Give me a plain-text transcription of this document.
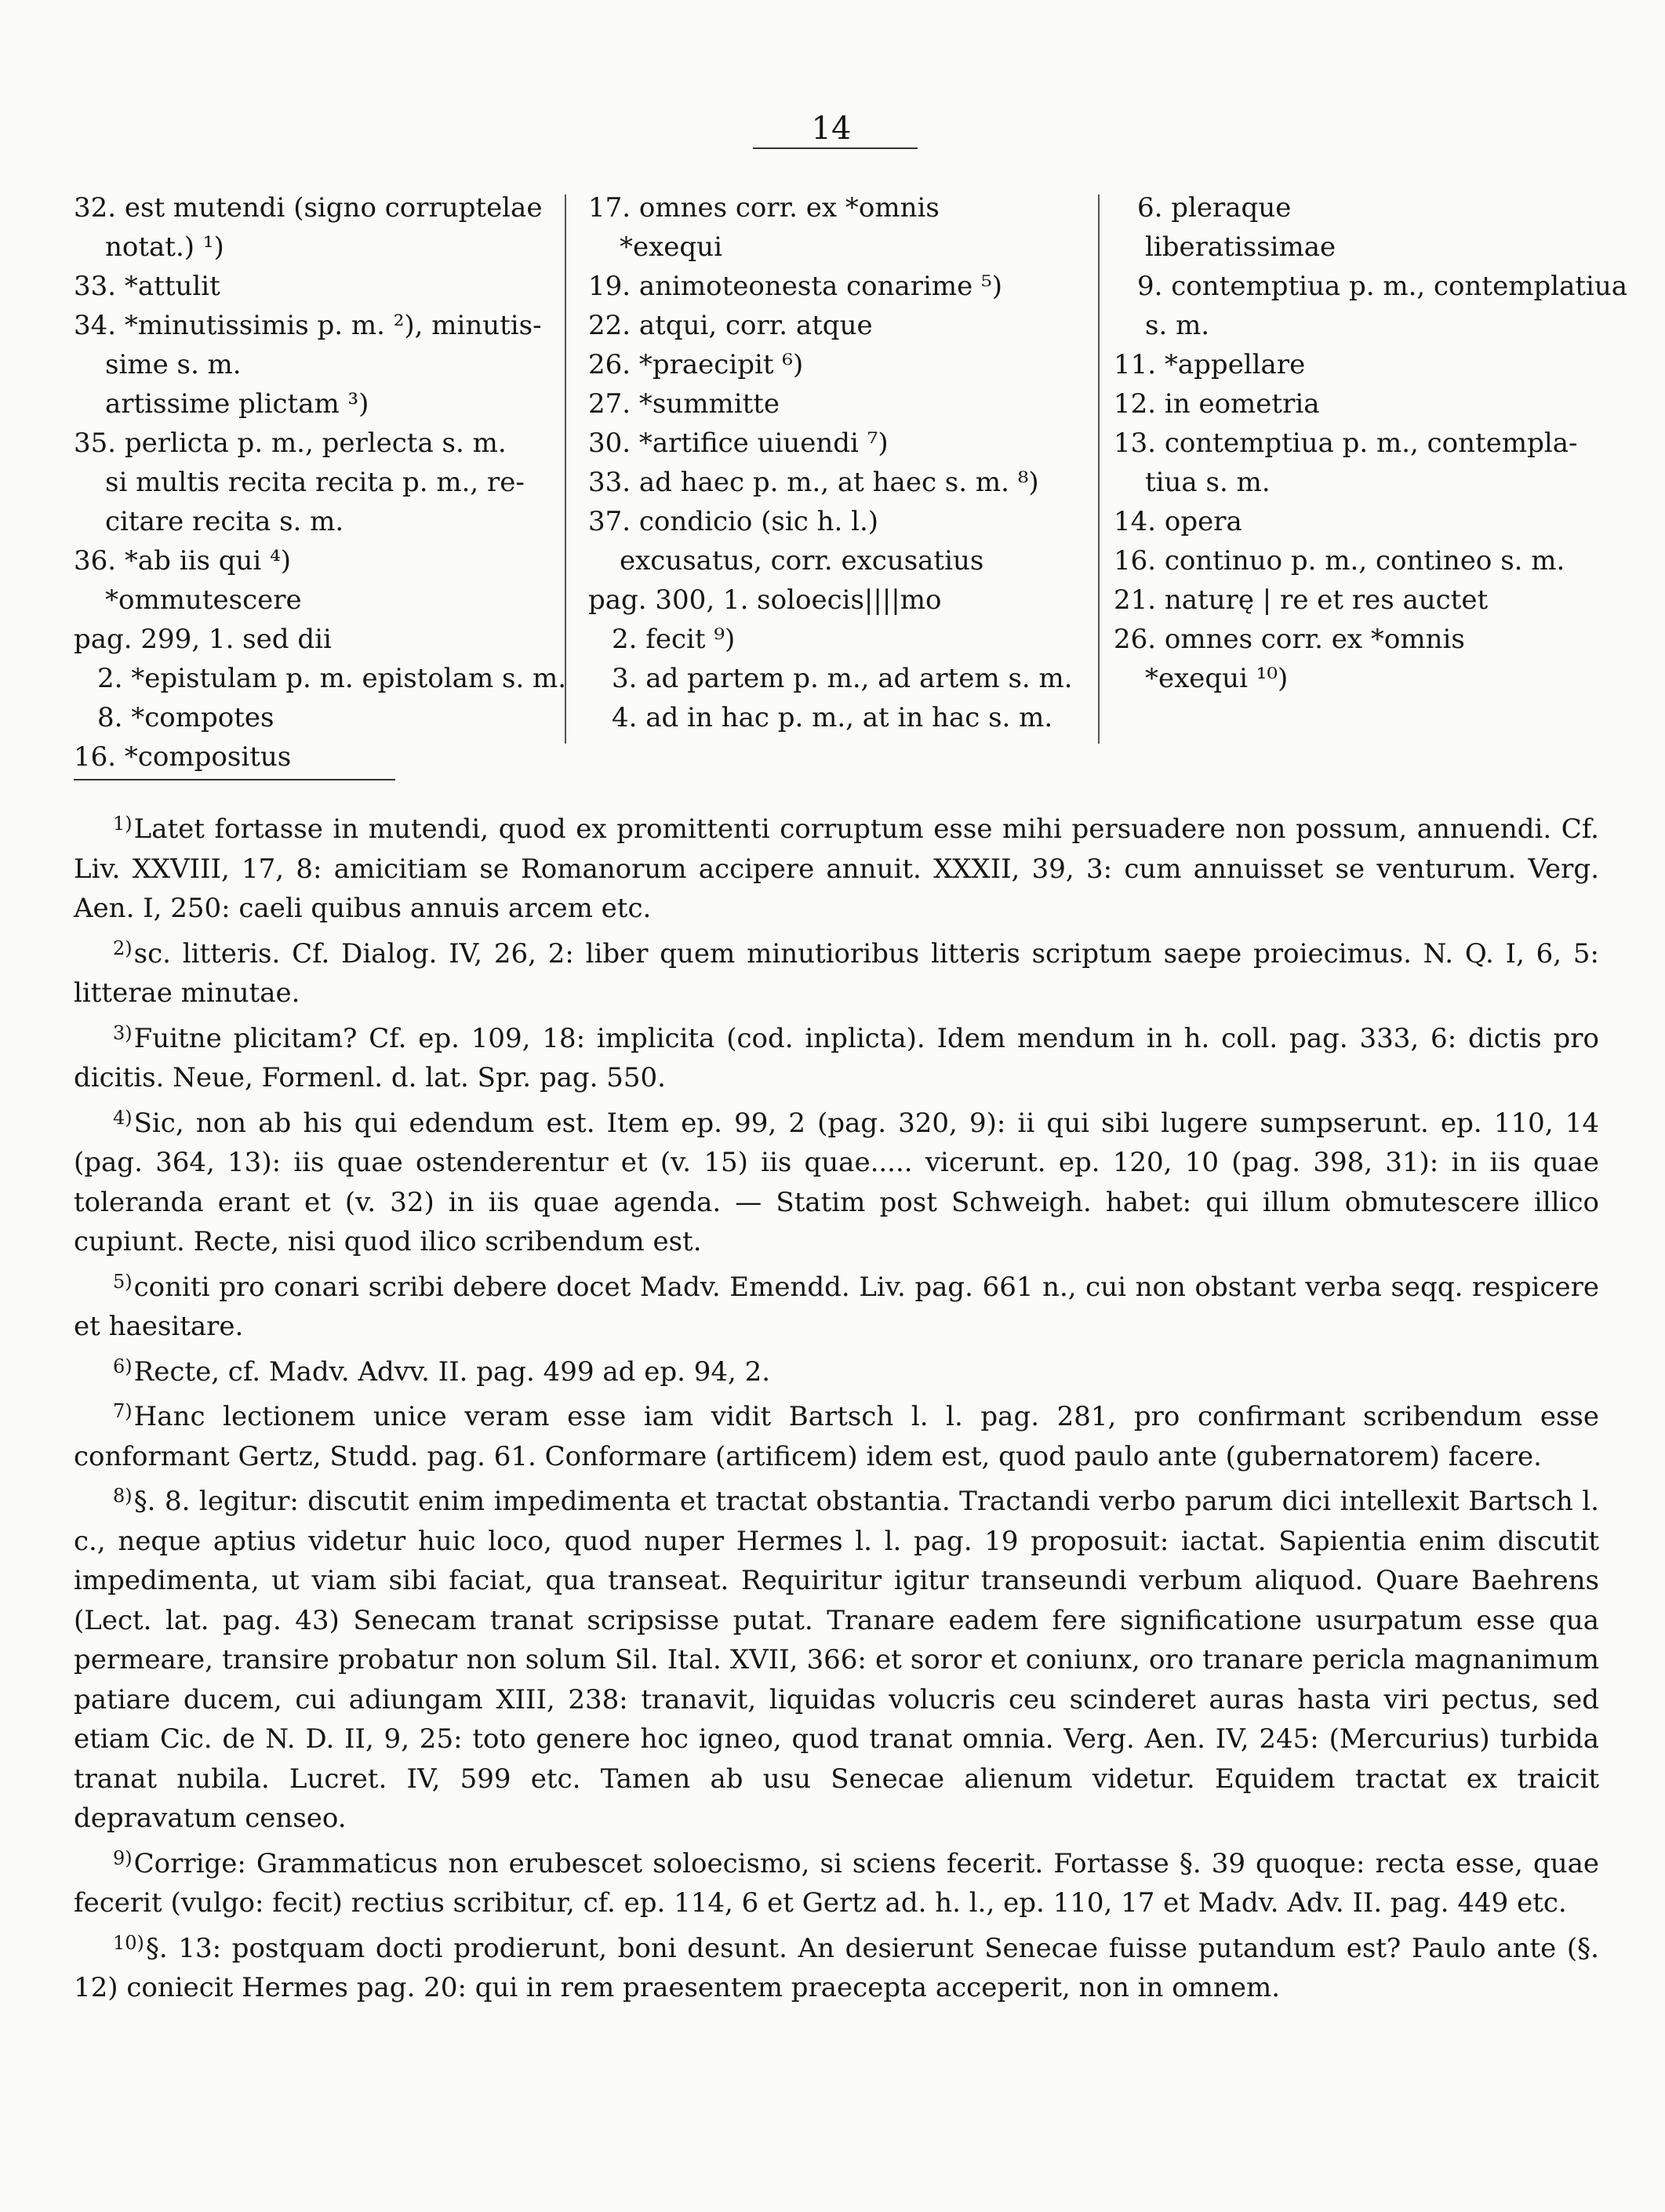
14
32. est mutendi (signo corruptelae
notat.) ¹)
33. *attulit
34. *minutissimis p. m. ²), minutis-
sime s. m.
artissime plictam ³)
35. perlicta p. m., perlecta s. m.
si multis recita recita p. m., re-
citare recita s. m.
36. *ab iis qui ⁴)
*ommutescere
pag. 299, 1. sed dii
2. *epistulam p. m. epistolam s. m.
8. *compotes
16. *compositus
17. omnes corr. ex *omnis
*exequi
19. animoteonesta conarime ⁵)
22. atqui, corr. atque
26. *praecipit ⁶)
27. *summitte
30. *artifice uiuendi ⁷)
33. ad haec p. m., at haec s. m. ⁸)
37. condicio (sic h. l.)
excusatus, corr. excusatius
pag. 300, 1. soloecis||||mo
2. fecit ⁹)
3. ad partem p. m., ad artem s. m.
4. ad in hac p. m., at in hac s. m.
6. pleraque
liberatissimae
9. contemptiua p. m., contemplatiua
s. m.
11. *appellare
12. in eometria
13. contemptiua p. m., contempla-
tiua s. m.
14. opera
16. continuo p. m., contineo s. m.
21. naturę | re et res auctet
26. omnes corr. ex *omnis
*exequi ¹⁰)

$^{1)}$Latet fortasse in mutendi, quod ex promittenti corruptum esse mihi persuadere non possum, annuendi. Cf. Liv. XXVIII, 17, 8: amicitiam se Romanorum accipere annuit. XXXII, 39, 3: cum annuisset se venturum. Verg. Aen. I, 250: caeli quibus annuis arcem etc.

$^{2)}$sc. litteris. Cf. Dialog. IV, 26, 2: liber quem minutioribus litteris scriptum saepe proiecimus. N. Q. I, 6, 5: litterae minutae.

$^{3)}$Fuitne plicitam? Cf. ep. 109, 18: implicita (cod. inplicta). Idem mendum in h. coll. pag. 333, 6: dictis pro dicitis. Neue, Formenl. d. lat. Spr. pag. 550.

$^{4)}$Sic, non ab his qui edendum est. Item ep. 99, 2 (pag. 320, 9): ii qui sibi lugere sumpserunt. ep. 110, 14 (pag. 364, 13): iis quae ostenderentur et (v. 15) iis quae..... vicerunt. ep. 120, 10 (pag. 398, 31): in iis quae toleranda erant et (v. 32) in iis quae agenda. — Statim post Schweigh. habet: qui illum obmutescere illico cupiunt. Recte, nisi quod ilico scribendum est.

$^{5)}$coniti pro conari scribi debere docet Madv. Emendd. Liv. pag. 661 n., cui non obstant verba seqq. respicere et haesitare.

$^{6)}$Recte, cf. Madv. Advv. II. pag. 499 ad ep. 94, 2.

$^{7)}$Hanc lectionem unice veram esse iam vidit Bartsch l. l. pag. 281, pro confirmant scribendum esse conformant Gertz, Studd. pag. 61. Conformare (artificem) idem est, quod paulo ante (gubernatorem) facere.

$^{8)}$§. 8. legitur: discutit enim impedimenta et tractat obstantia. Tractandi verbo parum dici intellexit Bartsch l. c., neque aptius videtur huic loco, quod nuper Hermes l. l. pag. 19 proposuit: iactat. Sapientia enim discutit impedimenta, ut viam sibi faciat, qua transeat. Requiritur igitur transeundi verbum aliquod. Quare Baehrens (Lect. lat. pag. 43) Senecam tranat scripsisse putat. Tranare eadem fere significatione usurpatum esse qua permeare, transire probatur non solum Sil. Ital. XVII, 366: et soror et coniunx, oro tranare pericla magnanimum patiare ducem, cui adiungam XIII, 238: tranavit, liquidas volucris ceu scinderet auras hasta viri pectus, sed etiam Cic. de N. D. II, 9, 25: toto genere hoc igneo, quod tranat omnia. Verg. Aen. IV, 245: (Mercurius) turbida tranat nubila. Lucret. IV, 599 etc. Tamen ab usu Senecae alienum videtur. Equidem tractat ex traicit depravatum censeo.

$^{9)}$Corrige: Grammaticus non erubescet soloecismo, si sciens fecerit. Fortasse §. 39 quoque: recta esse, quae fecerit (vulgo: fecit) rectius scribitur, cf. ep. 114, 6 et Gertz ad. h. l., ep. 110, 17 et Madv. Adv. II. pag. 449 etc.

$^{10)}$§. 13: postquam docti prodierunt, boni desunt. An desierunt Senecae fuisse putandum est? Paulo ante (§. 12) coniecit Hermes pag. 20: qui in rem praesentem praecepta acceperit, non in omnem.
